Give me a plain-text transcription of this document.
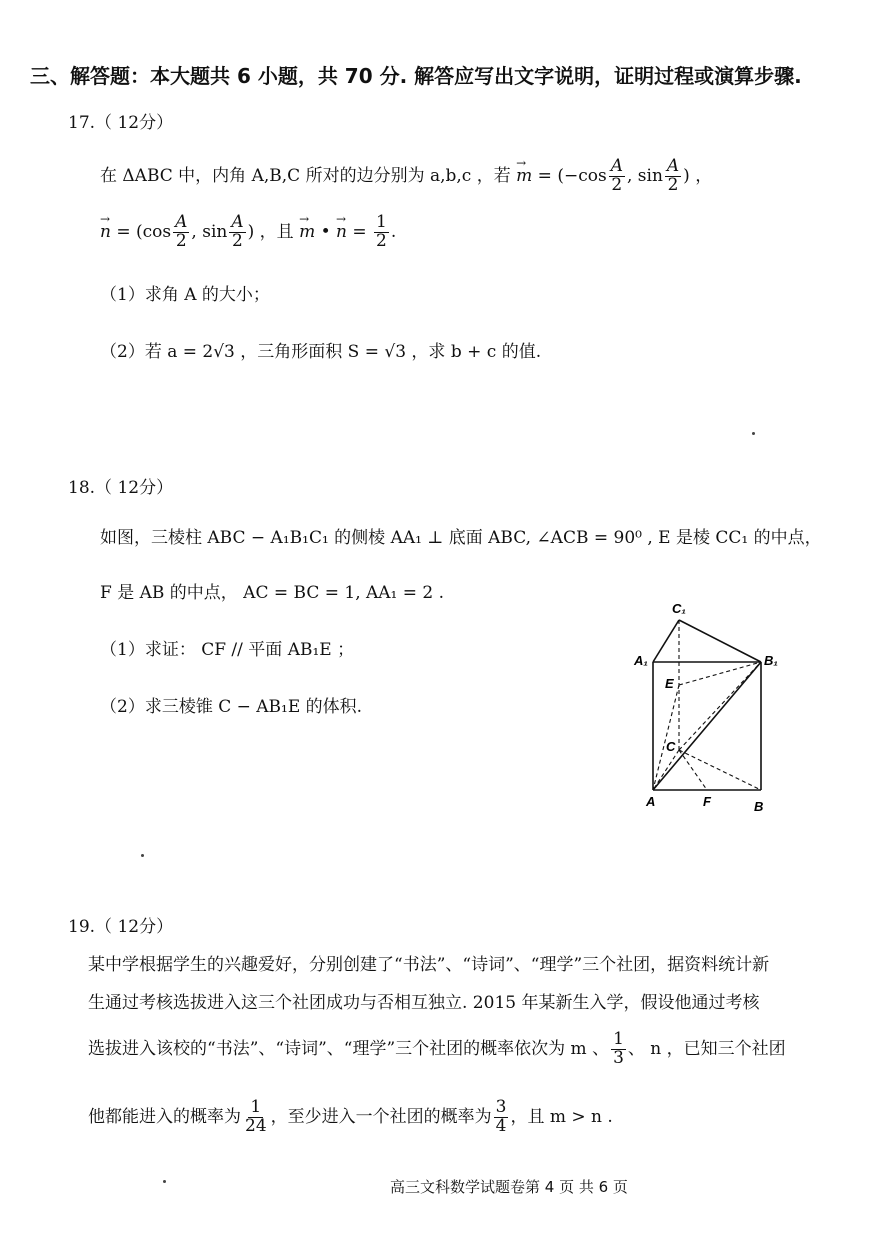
三、解答题：本大题共 6 小题，共 70 分. 解答应写出文字说明，证明过程或演算步骤.
17.（ 12分）
在 ΔABC 中，内角 A,B,C 所对的边分别为 a,b,c ，若 → $m = (-\cos \frac{A}{2}$ , $\sin \frac{A}{2}$ ) ，
→ $n = (\cos \frac{A}{2}$ , $\sin \frac{A}{2}$ ) ，且 → m • → $n = \frac{1}{2}$ .
（1）求角 A 的大小；
（2）若 a = 2√3 ，三角形面积 S = √3 ，求 b + c 的值.
18.（ 12分）
如图，三棱柱 ABC − A₁B₁C₁ 的侧棱 AA₁ ⊥ 底面 ABC, ∠ACB = 90⁰ , E 是棱 CC₁ 的中点，
F 是 AB 的中点， AC = BC = 1, AA₁ = 2 .
（1）求证： CF // 平面 AB₁E ；
（2）求三棱锥 C − AB₁E 的体积.
C₁
A₁	B₁
E
C
A	F	B
19.（ 12分）
某中学根据学生的兴趣爱好，分别创建了“书法”、“诗词”、“理学”三个社团，据资料统计新
生通过考核选拔进入这三个社团成功与否相互独立. 2015 年某新生入学，假设他通过考核
选拔进入该校的“书法”、“诗词”、“理学”三个社团的概率依次为 m 、 $\frac{1}{3}$ 、 n ，已知三个社团
他都能进入的概率为 $\frac{1}{24}$ ，至少进入一个社团的概率为 $\frac{3}{4}$ ，且 m > n .
高三文科数学试题卷第 4 页 共 6 页
